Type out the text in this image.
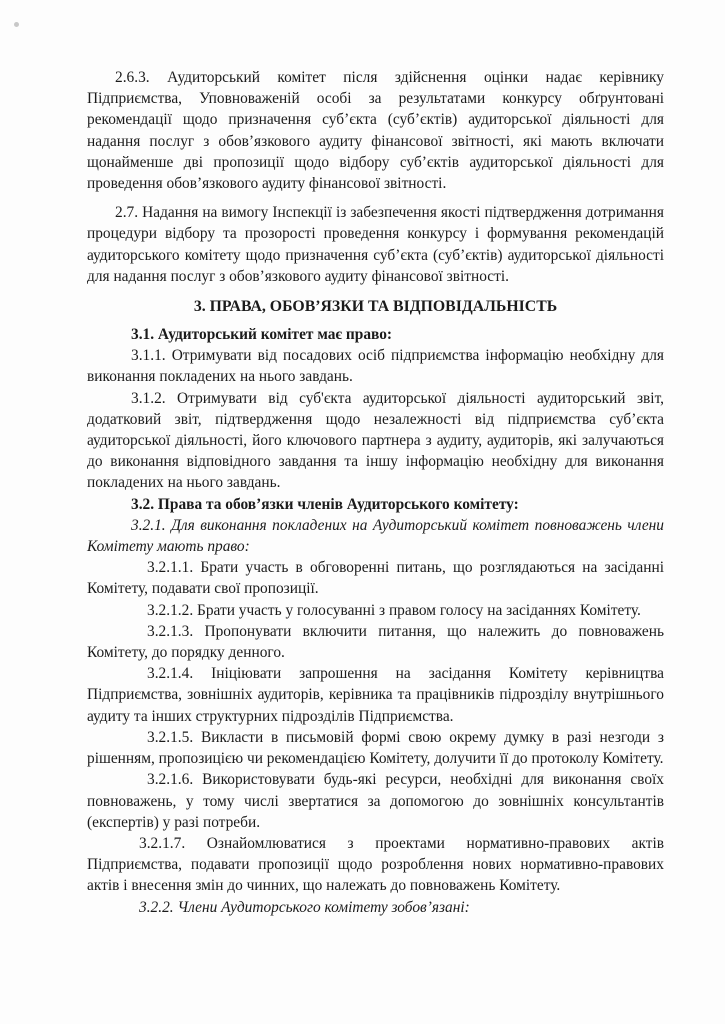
2.6.3. Аудиторський комітет після здійснення оцінки надає керівнику Підприємства, Уповноваженій особі за результатами конкурсу обґрунтовані рекомендації щодо призначення суб’єкта (суб’єктів) аудиторської діяльності для надання послуг з обов’язкового аудиту фінансової звітності, які мають включати щонайменше дві пропозиції щодо відбору суб’єктів аудиторської діяльності для проведення обов’язкового аудиту фінансової звітності.

2.7. Надання на вимогу Інспекції із забезпечення якості підтвердження дотримання процедури відбору та прозорості проведення конкурсу і формування рекомендацій аудиторського комітету щодо призначення суб’єкта (суб’єктів) аудиторської діяльності для надання послуг з обов’язкового аудиту фінансової звітності.

3. ПРАВА, ОБОВ’ЯЗКИ ТА ВІДПОВІДАЛЬНІСТЬ

3.1. Аудиторський комітет має право:

3.1.1. Отримувати від посадових осіб підприємства інформацію необхідну для виконання покладених на нього завдань.

3.1.2. Отримувати від суб'єкта аудиторської діяльності аудиторський звіт, додатковий звіт, підтвердження щодо незалежності від підприємства суб’єкта аудиторської діяльності, його ключового партнера з аудиту, аудиторів, які залучаються до виконання відповідного завдання та іншу інформацію необхідну для виконання покладених на нього завдань.

3.2. Права та обов’язки членів Аудиторського комітету:

3.2.1. Для виконання покладених на Аудиторський комітет повноважень члени Комітету мають право:

3.2.1.1. Брати участь в обговоренні питань, що розглядаються на засіданні Комітету, подавати свої пропозиції.

3.2.1.2. Брати участь у голосуванні з правом голосу на засіданнях Комітету.

3.2.1.3. Пропонувати включити питання, що належить до повноважень Комітету, до порядку денного.

3.2.1.4. Ініціювати запрошення на засідання Комітету керівництва Підприємства, зовнішніх аудиторів, керівника та працівників підрозділу внутрішнього аудиту та інших структурних підрозділів Підприємства.

3.2.1.5. Викласти в письмовій формі свою окрему думку в разі незгоди з рішенням, пропозицією чи рекомендацією Комітету, долучити її до протоколу Комітету.

3.2.1.6. Використовувати будь-які ресурси, необхідні для виконання своїх повноважень, у тому числі звертатися за допомогою до зовнішніх консультантів (експертів) у разі потреби.

3.2.1.7. Ознайомлюватися з проектами нормативно-правових актів Підприємства, подавати пропозиції щодо розроблення нових нормативно-правових актів і внесення змін до чинних, що належать до повноважень Комітету.

3.2.2. Члени Аудиторського комітету зобов’язані:
